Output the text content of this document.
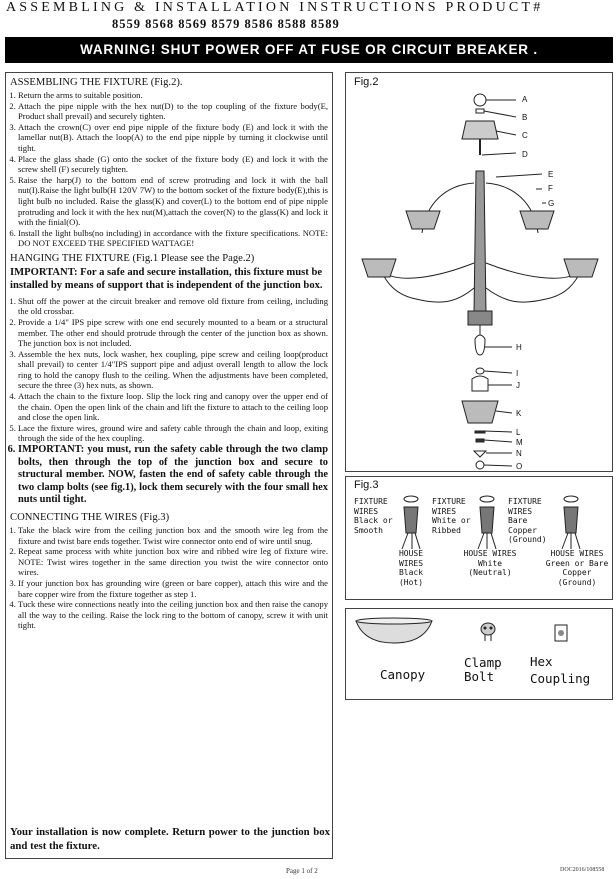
ASSEMBLING & INSTALLATION INSTRUCTIONS PRODUCT#
8559 8568 8569 8579 8586 8588 8589
WARNING! SHUT POWER OFF AT FUSE OR CIRCUIT BREAKER .
ASSEMBLING THE FIXTURE (Fig.2).
1. Return the arms to suitable position.
2. Attach the pipe nipple with the hex nut(D) to the top coupling of the fixture body(E, Product shall prevail) and securely tighten.
3. Attach the crown(C) over end pipe nipple of the fixture body (E) and lock it with the lamellar nut(B). Attach the loop(A) to the end pipe nipple by turning it clockwise until tight.
4. Place the glass shade (G) onto the socket of the fixture body (E) and lock it with the screw shell (F) securely tighten.
5. Raise the harp(J) to the bottom end of screw protruding and lock it with the ball nut(I).Raise the light bulb(H 120V 7W) to the bottom socket of the fixture body(E),this is light bulb no included. Raise the glass(K) and cover(L) to the bottom end of pipe nipple protruding and lock it with the hex nut(M),attach the cover(N) to the glass(K) and lock it with the finial(O).
6. Install the light bulbs(no including) in accordance with the fixture specifications. NOTE: DO NOT EXCEED THE SPECIFIED WATTAGE!
HANGING THE FIXTURE (Fig.1 Please see the Page.2)
IMPORTANT: For a safe and secure installation, this fixture must be installed by means of support that is independent of the junction box.
1. Shut off the power at the circuit breaker and remove old fixture from ceiling, including the old crossbar.
2. Provide a 1/4" IPS pipe screw with one end securely mounted to a beam or a structural member. The other end should protrude through the center of the junction box as shown. The junction box is not included.
3. Assemble the hex nuts, lock washer, hex coupling, pipe screw and ceiling loop(product shall prevail) to center 1/4"IPS support pipe and adjust overall length to allow the lock ring to hold the canopy flush to the ceiling. When the adjustments have been completed, secure the three (3) hex nuts, as shown.
4. Attach the chain to the fixture loop. Slip the lock ring and canopy over the upper end of the chain. Open the open link of the chain and lift the fixture to attach to the ceiling loop and close the open link.
5. Lace the fixture wires, ground wire and safety cable through the chain and loop, exiting through the side of the hex coupling.
6. IMPORTANT: you must, run the safety cable through the two clamp bolts, then through the top of the junction box and secure to structural member. NOW, fasten the end of safety cable through the two clamp bolts (see fig.1), lock them securely with the four small hex nuts until tight.
CONNECTING THE WIRES (Fig.3)
1. Take the black wire from the ceiling junction box and the smooth wire leg from the fixture and twist bare ends together. Twist wire connector onto end of wire until snug.
2. Repeat same process with white junction box wire and ribbed wire leg of fixture wire. NOTE: Twist wires together in the same direction you twist the wire connector onto wires.
3. If your junction box has grounding wire (green or bare copper), attach this wire and the bare copper wire from the fixture together as step 1.
4. Tuck these wire connections neatly into the ceiling junction box and then raise the canopy all the way to the ceiling. Raise the lock ring to the bottom of canopy, screw it with unit tight.
Your installation is now complete. Return power to the junction box and test the fixture.
Fig.2
A
B
C
D
E
F
G
H
I
J
K
L
M
N
O
Fig.3
FIXTURE WIRES Black or Smooth
FIXTURE WIRES White or Ribbed
FIXTURE WIRES Bare Copper (Ground)
HOUSE WIRES Black (Hot)
HOUSE WIRES White (Neutral)
HOUSE WIRES Green or Bare Copper (Ground)
Canopy
Clamp Bolt
Hex Coupling
Page 1 of 2	DOC2016/108558
